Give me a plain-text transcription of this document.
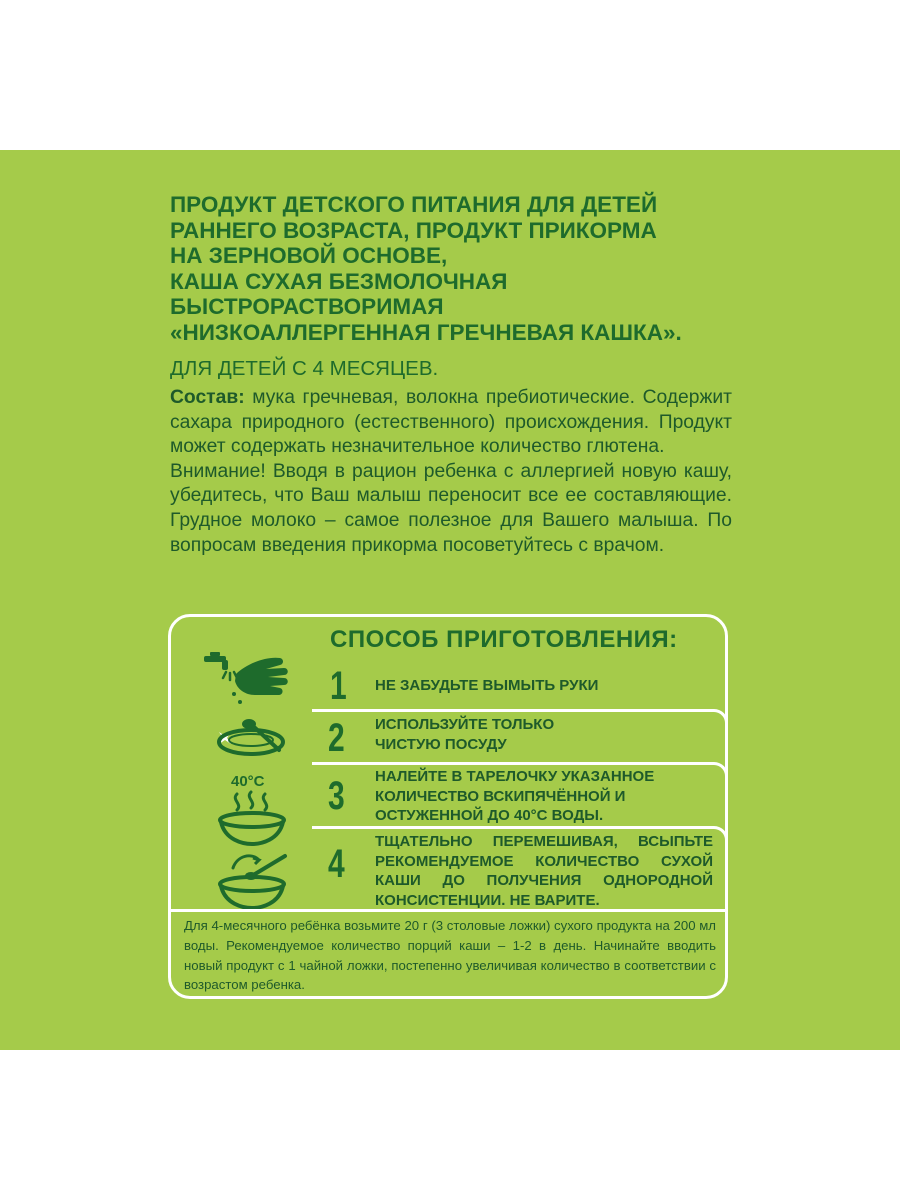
ПРОДУКТ ДЕТСКОГО ПИТАНИЯ ДЛЯ ДЕТЕЙ
РАННЕГО ВОЗРАСТА, ПРОДУКТ ПРИКОРМА
НА ЗЕРНОВОЙ ОСНОВЕ,
КАША СУХАЯ БЕЗМОЛОЧНАЯ
БЫСТРОРАСТВОРИМАЯ
«НИЗКОАЛЛЕРГЕННАЯ ГРЕЧНЕВАЯ КАШКА».

ДЛЯ ДЕТЕЙ С 4 МЕСЯЦЕВ.

Состав: мука гречневая, волокна пребиотические. Содержит сахара природного (естественного) происхождения. Продукт может содержать незначительное количество глютена.
Внимание! Вводя в рацион ребенка с аллергией новую кашу, убедитесь, что Ваш малыш переносит все ее составляющие. Грудное молоко – самое полезное для Вашего малыша. По вопросам введения прикорма посоветуйтесь с врачом.

СПОСОБ ПРИГОТОВЛЕНИЯ:

40°C
1
2
3
4

НЕ ЗАБУДЬТЕ ВЫМЫТЬ РУКИ

ИСПОЛЬЗУЙТЕ ТОЛЬКО ЧИСТУЮ ПОСУДУ

НАЛЕЙТЕ В ТАРЕЛОЧКУ УКАЗАННОЕ КОЛИЧЕСТВО ВСКИПЯЧЁННОЙ И ОСТУЖЕННОЙ ДО 40°C ВОДЫ.

ТЩАТЕЛЬНО ПЕРЕМЕШИВАЯ, ВСЫПЬТЕ РЕКОМЕНДУЕМОЕ КОЛИЧЕСТВО СУХОЙ КАШИ ДО ПОЛУЧЕНИЯ ОДНОРОДНОЙ КОНСИСТЕНЦИИ. НЕ ВАРИТЕ.

Для 4-месячного ребёнка возьмите 20 г (3 столовые ложки) сухого продукта на 200 мл воды. Рекомендуемое количество порций каши – 1-2 в день. Начинайте вводить новый продукт с 1 чайной ложки, постепенно увеличивая количество в соответствии с возрастом ребенка.
